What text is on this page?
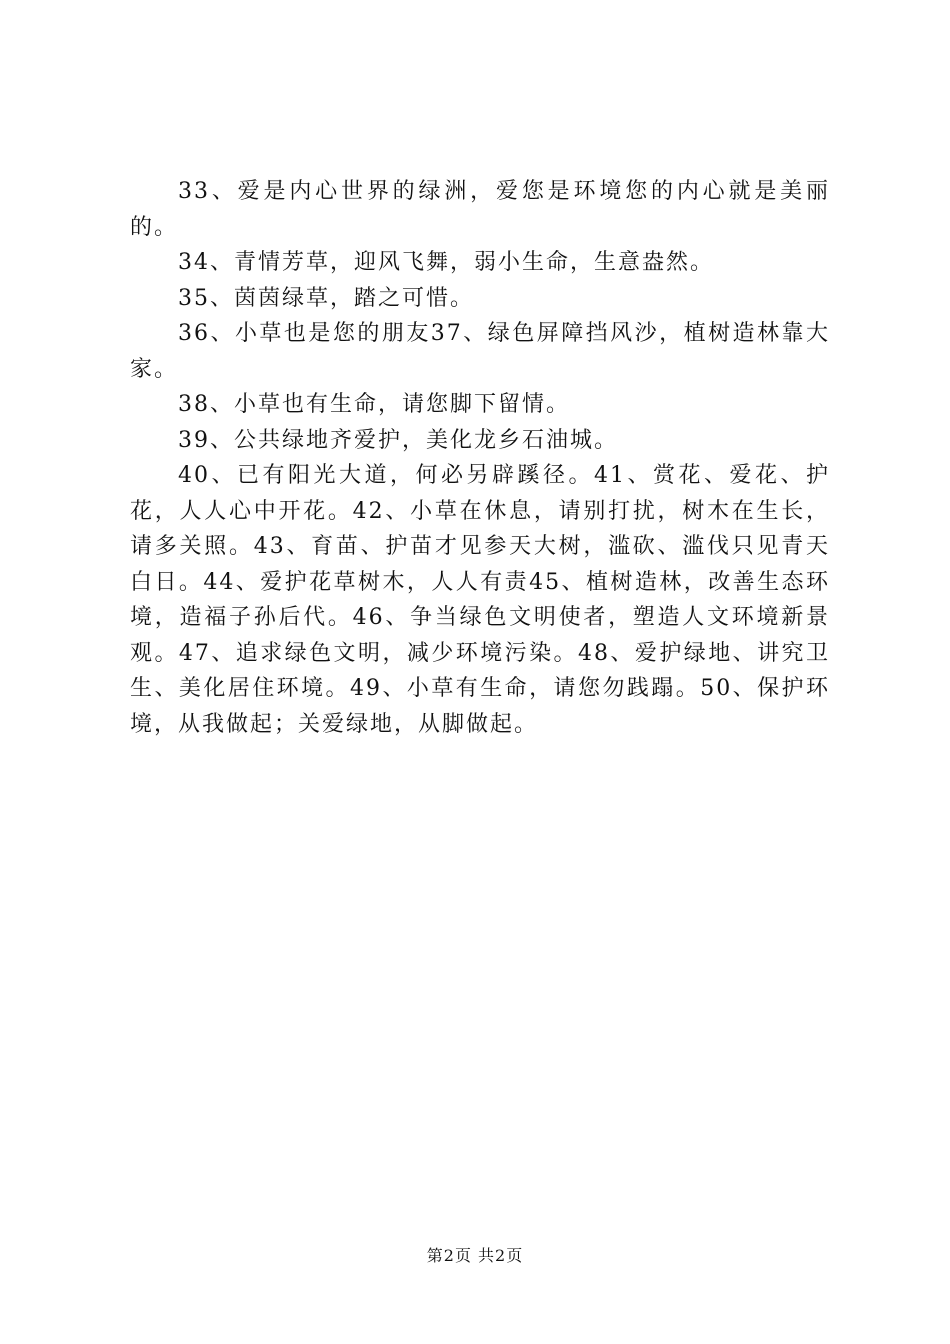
33、爱是内心世界的绿洲，爱您是环境您的内心就是美丽的。

34、青情芳草，迎风飞舞，弱小生命，生意盎然。

35、茵茵绿草，踏之可惜。

36、小草也是您的朋友37、绿色屏障挡风沙，植树造林靠大家。

38、小草也有生命，请您脚下留情。

39、公共绿地齐爱护，美化龙乡石油城。

40、已有阳光大道，何必另辟蹊径。41、赏花、爱花、护花，人人心中开花。42、小草在休息，请别打扰，树木在生长，请多关照。43、育苗、护苗才见参天大树，滥砍、滥伐只见青天白日。44、爱护花草树木，人人有责45、植树造林，改善生态环境，造福子孙后代。46、争当绿色文明使者，塑造人文环境新景观。47、追求绿色文明，减少环境污染。48、爱护绿地、讲究卫生、美化居住环境。49、小草有生命，请您勿践蹋。50、保护环境，从我做起；关爱绿地，从脚做起。

第2页 共2页
